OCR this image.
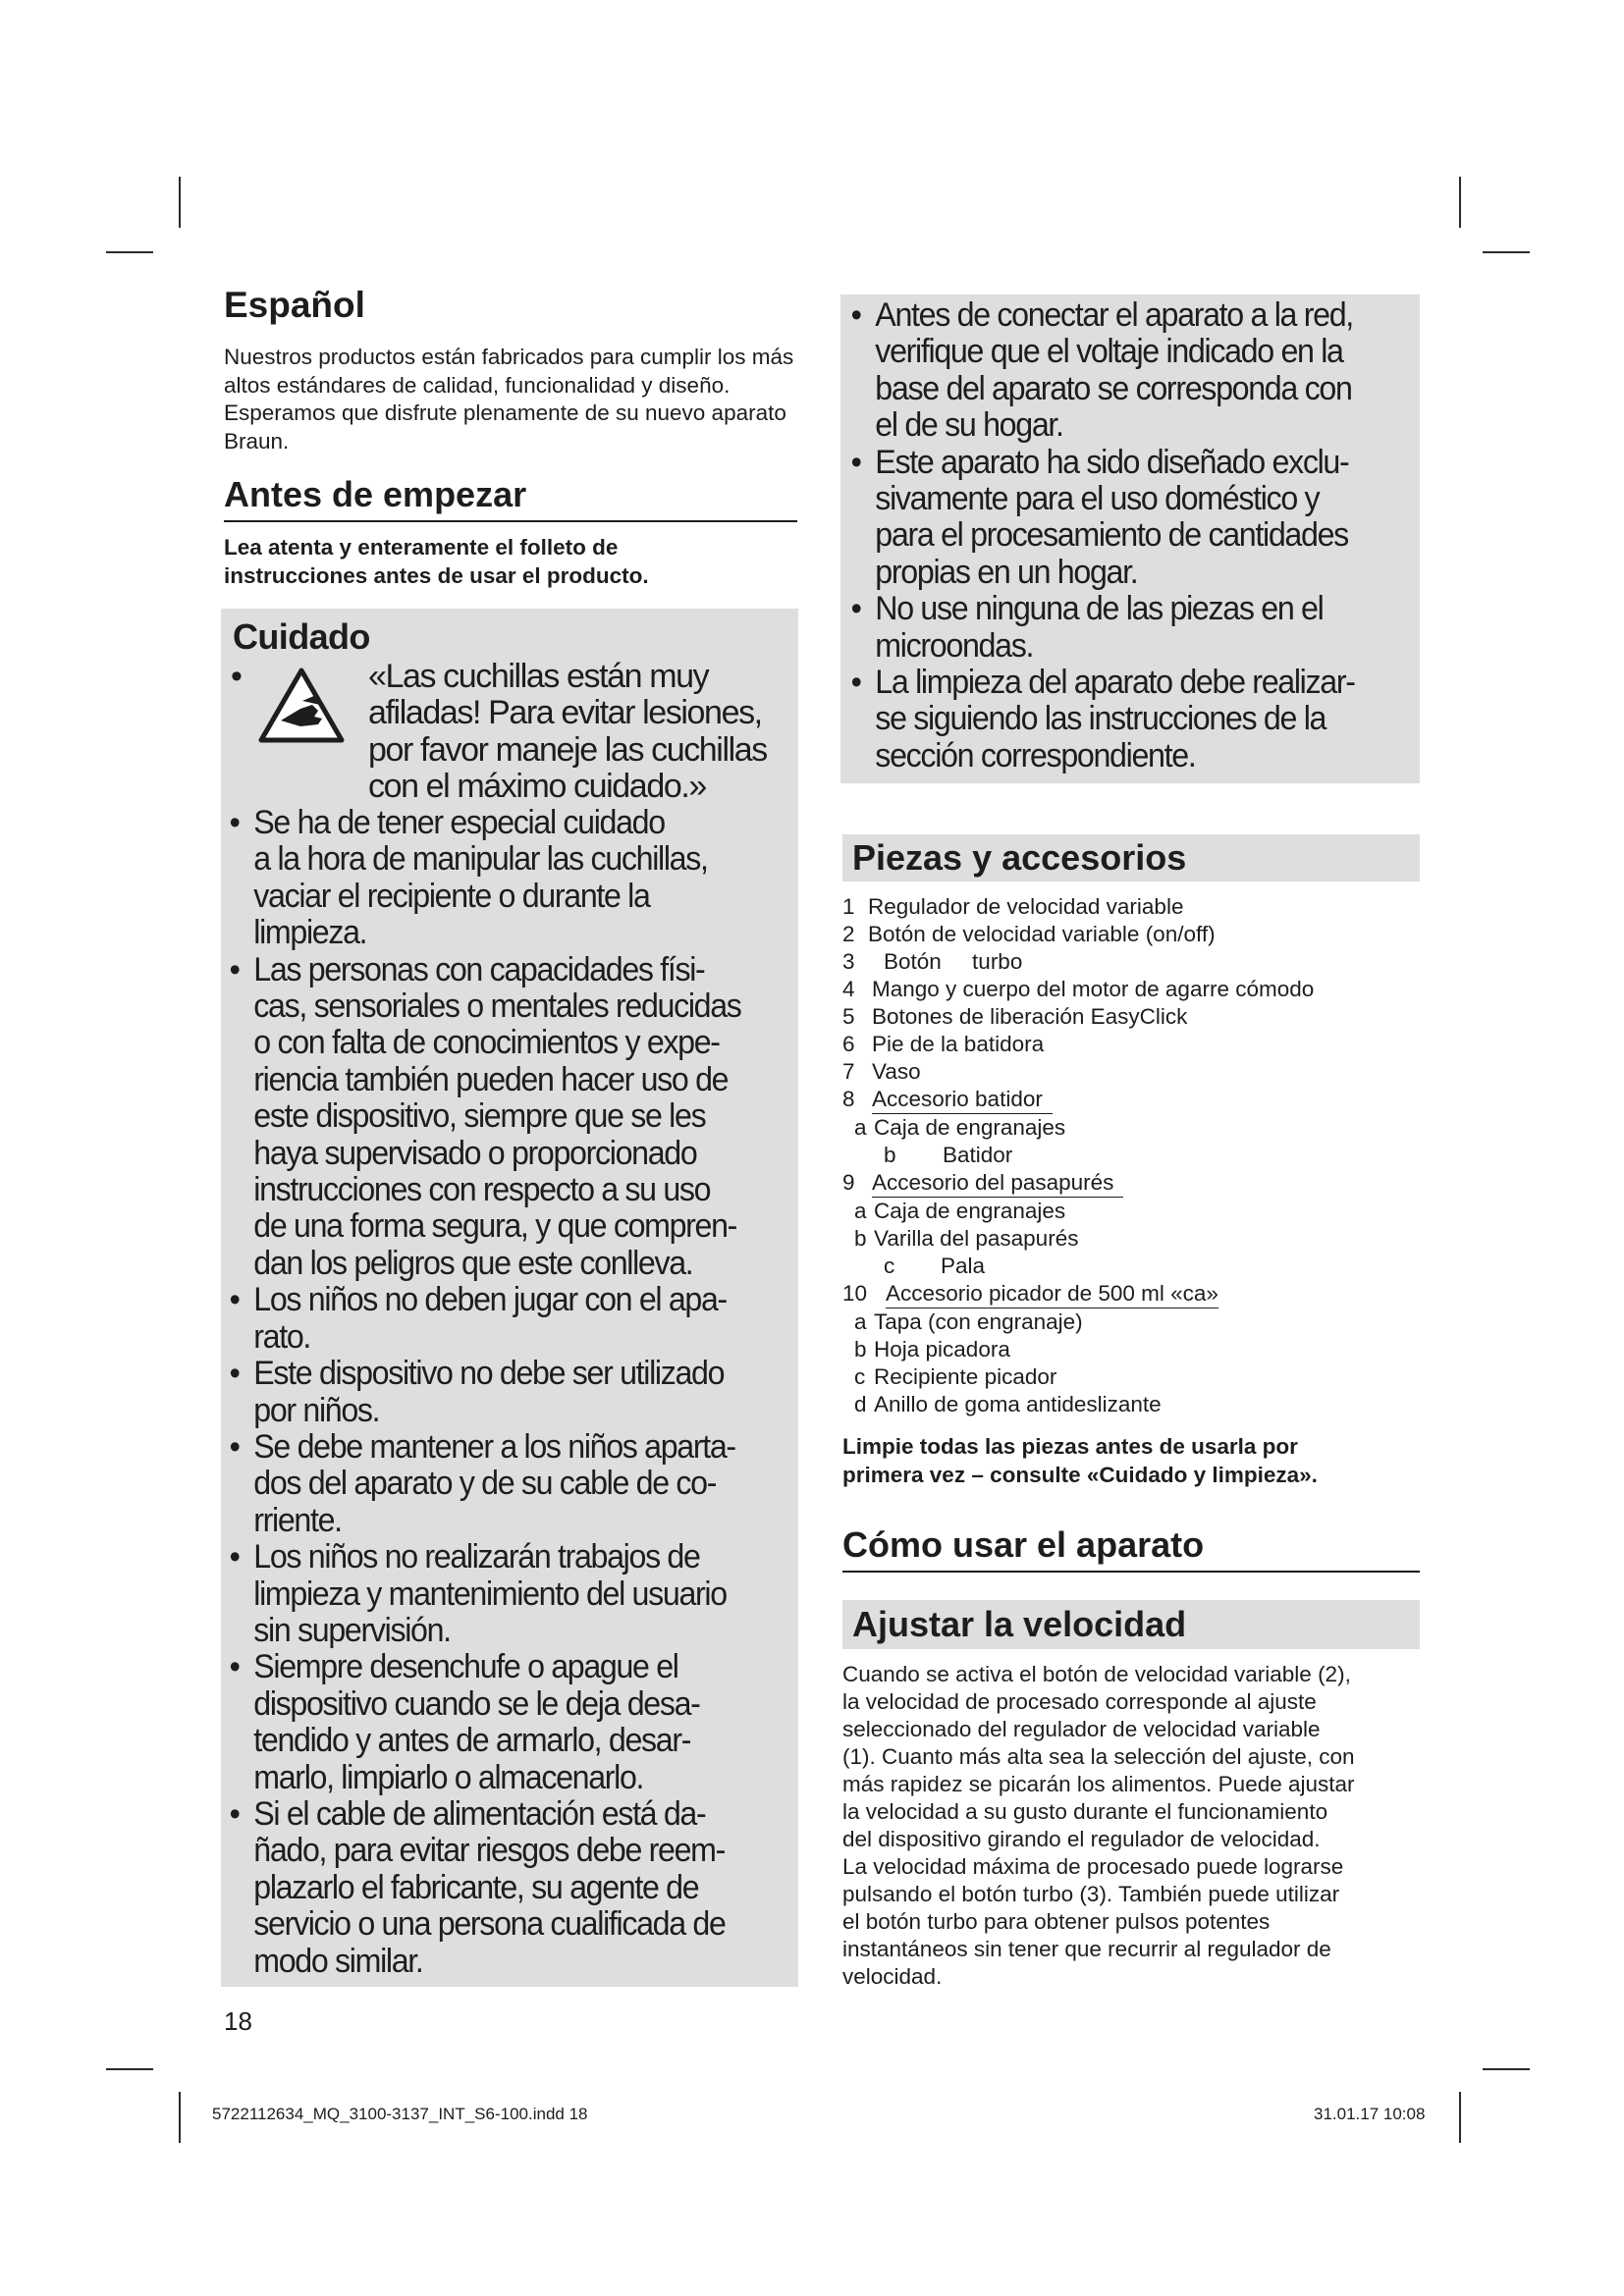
Español

Nuestros productos están fabricados para cumplir los más altos estándares de calidad, funcionalidad y diseño. Esperamos que disfrute plenamente de su nuevo aparato Braun.

Antes de empezar
Lea atenta y enteramente el folleto de
instrucciones antes de usar el producto.
Cuidado
•	«Las cuchillas están muy
afiladas! Para evitar lesiones,
por favor maneje las cuchillas
con el máximo cuidado.»
• Se ha de tener especial cuidado
a la hora de manipular las cuchillas,
vaciar el recipiente o durante la
limpieza.
• Las personas con capacidades físi-
cas, sensoriales o mentales reducidas
o con falta de conocimientos y expe-
riencia también pueden hacer uso de
este dispositivo, siempre que se les
haya supervisado o proporcionado
instrucciones con respecto a su uso
de una forma segura, y que compren-
dan los peligros que este conlleva.
• Los niños no deben jugar con el apa-
rato.
• Este dispositivo no debe ser utilizado
por niños.
• Se debe mantener a los niños aparta-
dos del aparato y de su cable de co-
rriente.
• Los niños no realizarán trabajos de
limpieza y mantenimiento del usuario
sin supervisión.
• Siempre desenchufe o apague el
dispositivo cuando se le deja desa-
tendido y antes de armarlo, desar-
marlo, limpiarlo o almacenarlo.
• Si el cable de alimentación está da-
ñado, para evitar riesgos debe reem-
plazarlo el fabricante, su agente de
servicio o una persona cualificada de
modo similar.
• Antes de conectar el aparato a la red,
verifique que el voltaje indicado en la
base del aparato se corresponda con
el de su hogar.
• Este aparato ha sido diseñado exclu-
sivamente para el uso doméstico y
para el procesamiento de cantidades
propias en un hogar.
• No use ninguna de las piezas en el
microondas.
• La limpieza del aparato debe realizar-
se siguiendo las instrucciones de la
sección correspondiente.
Piezas y accesorios
1 Regulador de velocidad variable
2 Botón de velocidad variable (on/off)
3	Botón     turbo
4 Mango y cuerpo del motor de agarre cómodo
5 Botones de liberación EasyClick
6 Pie de la batidora
7 Vaso
8 Accesorio batidor
a Caja de engranajes
b	Batidor
9 Accesorio del pasapurés
a Caja de engranajes
b Varilla del pasapurés
c	Pala
10 Accesorio picador de 500 ml «ca»
a Tapa (con engranaje)
b Hoja picadora
c Recipiente picador
d Anillo de goma antideslizante
Limpie todas las piezas antes de usarla por
primera vez – consulte «Cuidado y limpieza».
Cómo usar el aparato
Ajustar la velocidad
Cuando se activa el botón de velocidad variable (2),
la velocidad de procesado corresponde al ajuste
seleccionado del regulador de velocidad variable
(1). Cuanto más alta sea la selección del ajuste, con
más rapidez se picarán los alimentos. Puede ajustar
la velocidad a su gusto durante el funcionamiento
del dispositivo girando el regulador de velocidad.
La velocidad máxima de procesado puede lograrse
pulsando el botón turbo (3). También puede utilizar
el botón turbo para obtener pulsos potentes
instantáneos sin tener que recurrir al regulador de
velocidad.
18
5722112634_MQ_3100-3137_INT_S6-100.indd 18	31.01.17 10:08
